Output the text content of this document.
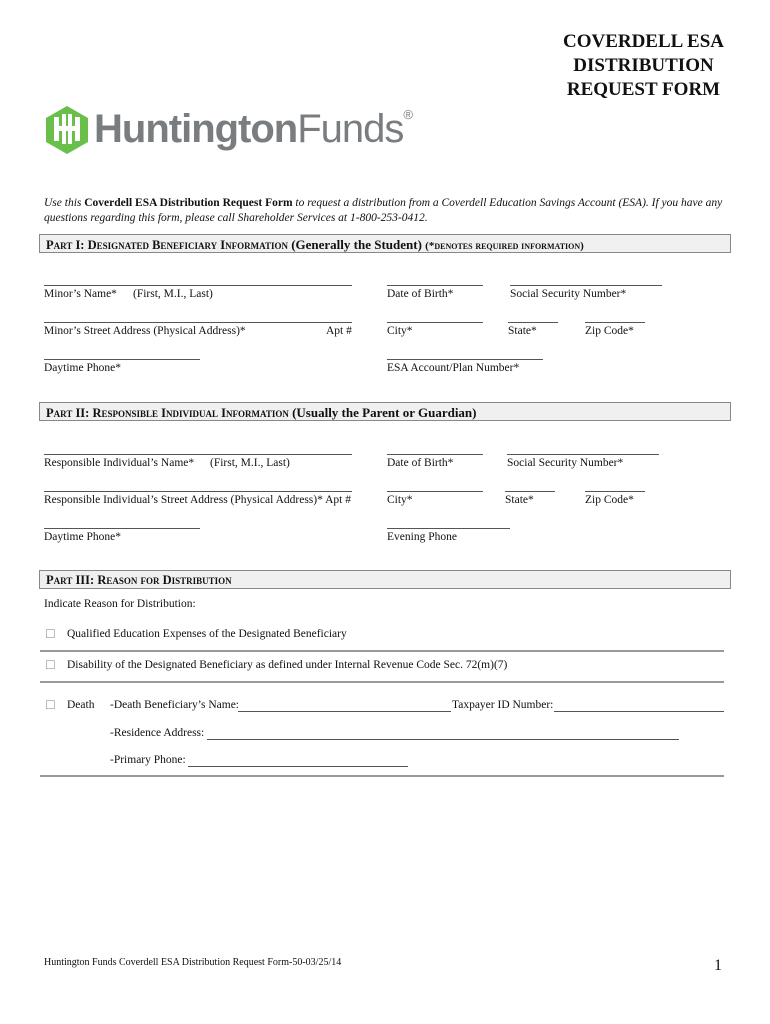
COVERDELL ESA
DISTRIBUTION
REQUEST FORM
HuntingtonFunds®
Use this Coverdell ESA Distribution Request Form to request a distribution from a Coverdell Education Savings Account (ESA). If you have any questions regarding this form, please call Shareholder Services at 1-800-253-0412.
Part I: Designated Beneficiary Information (Generally the Student) (*denotes required information)
Minor’s Name* (First, M.I., Last)	Date of Birth*	Social Security Number*
Minor’s Street Address (Physical Address)*	Apt #	City*	State*	Zip Code*
Daytime Phone*	ESA Account/Plan Number*
Part II: Responsible Individual Information (Usually the Parent or Guardian)
Responsible Individual’s Name* (First, M.I., Last)	Date of Birth*	Social Security Number*
Responsible Individual’s Street Address (Physical Address)* Apt #	City*	State*	Zip Code*
Daytime Phone*	Evening Phone
Part III: Reason for Distribution
Indicate Reason for Distribution:
☐ Qualified Education Expenses of the Designated Beneficiary
☐ Disability of the Designated Beneficiary as defined under Internal Revenue Code Sec. 72(m)(7)
☐ Death -Death Beneficiary’s Name:	Taxpayer ID Number:
-Residence Address:
-Primary Phone:
Huntington Funds Coverdell ESA Distribution Request Form-50-03/25/14	1
